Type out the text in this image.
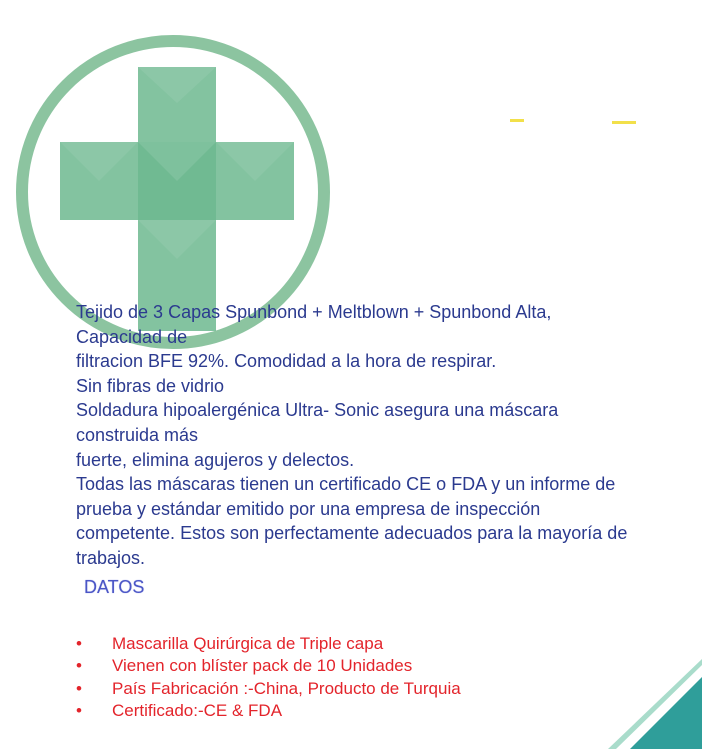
Tejido de 3 Capas Spunbond + Meltblown + Spunbond Alta,

Capacidad de

filtracion BFE 92%. Comodidad a la hora de respirar.

Sin fibras de vidrio

Soldadura hipoalergénica Ultra- Sonic asegura una máscara

construida más

fuerte, elimina agujeros y delectos.

Todas las máscaras tienen un certificado CE o FDA y un informe de

prueba y estándar emitido por una empresa de inspección

competente. Estos son perfectamente adecuados para la mayoría de

trabajos.

DATOS
• Mascarilla Quirúrgica de Triple capa
• Vienen con blíster pack de 10 Unidades
• País Fabricación :-China, Producto de Turquia
• Certificado:-CE & FDA
